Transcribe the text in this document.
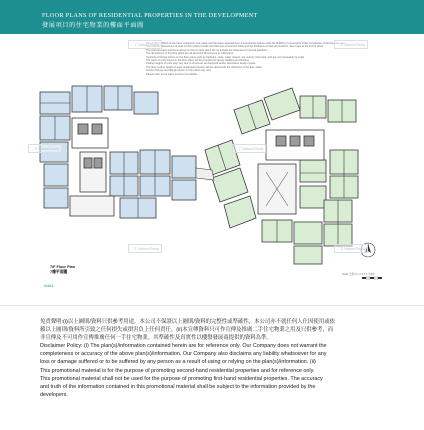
FLOOR PLANS OF RESIDENTIAL PROPERTIES IN THE DEVELOPMENT
發展項目的住宅物業的樓面平面圖
Part 4 (4C) of Block 3 has been omitted for unit cases and has been diverted from a recreational space under the Building (Conversion) Order completion of the Development
The external dimensions of units on floor plans include the thickness of external walls and the thickness of internal partitions. See notes at the end of plans.
The internal areas and dimensions of units on floor plans do not include the thickness of internal partitions.
The dimensions of the floor plans are all structural dimensions in millimetres.
Symbols of fittings shown on the floor plans such as bathtubs, sinks, water closets, are merely schematic, and are not necessarily to scale.
The parts of units shown in the floor plans will be provided for facing cladding and finishes.
Ceiling heights of units may vary due to structural, architectural and/or decoration design needs.
The floor-to-floor height of each residential property will be varied with the thickness of the floor slabs.
Certain fixtures and fittings shown on the plans may vary.
Please refer to the sales brochure for details.
二手 Midland Realty	二手 Midland Realty
二手 Midland Realty	二手 Midland Realty
二手 Midland Realty	二手 Midland Realty
7/F Floor Plan
7樓平面圖
Scale 比例 0 1 2 3 4 5 米(M)
A4A1
免責聲明:(i)以上圖則/資料只供參考用途，本公司不保證以上圖則/資料的完整性或準確性，本公司亦不就任何人仕因使用或依
賴以上圖則/資料所引致之任何損失或損害負上任何責任。(ii)本宣傳資料只可作宣傳及推廣二手住宅物業之用及只供參考，而
非宣傳及不可用作宣傳推廣任何一手住宅物業。其準確性及真實性以樓盤發展商提供的資料為準。
Disclaimer Policy: (i) The plan(s)/information contained herein are for reference only. Our Company does not warrant the
completeness or accuracy of the above plan(s)/information. Our Company also disclaims any liability whatsoever for any
loss or damage suffered or to be suffered by any person as a result of using or relying on the plan(s)/information. (ii)
This promotional material is for the purpose of promoting second-hand residential properties and for reference only.
This promotional material shall not be used for the purpose of promoting first-hand residential properties. The accuracy
and truth of the information contained in this promotional material shall be subject to the information provided by the
developers.
